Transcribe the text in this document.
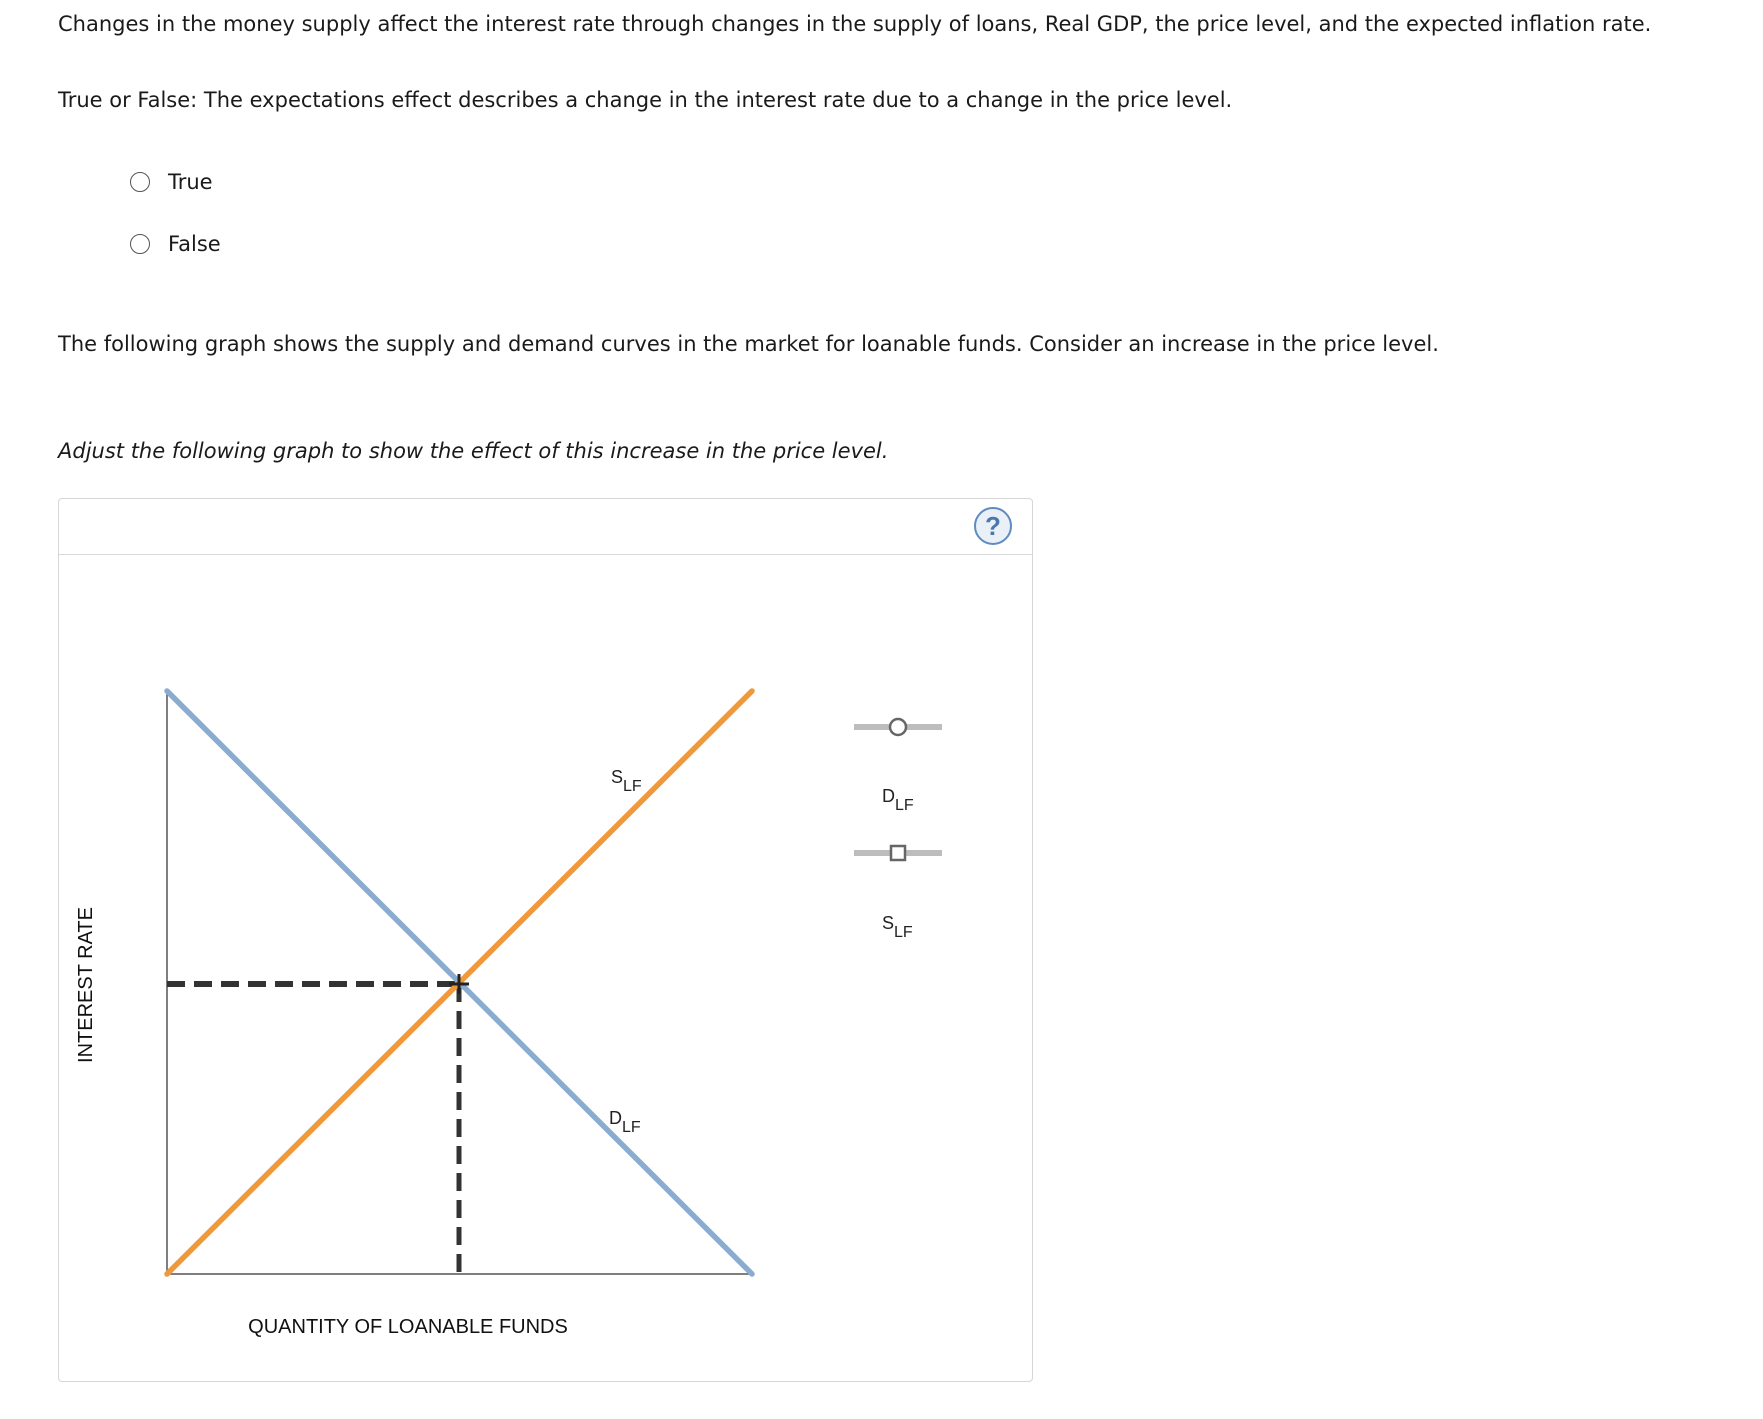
Changes in the money supply affect the interest rate through changes in the supply of loans, Real GDP, the price level, and the expected inflation rate.
True or False: The expectations effect describes a change in the interest rate due to a change in the price level.
True
False
The following graph shows the supply and demand curves in the market for loanable funds. Consider an increase in the price level.
Adjust the following graph to show the effect of this increase in the price level.
?
SLF
DLF
QUANTITY OF LOANABLE FUNDS
INTEREST RATE
DLF
SLF
